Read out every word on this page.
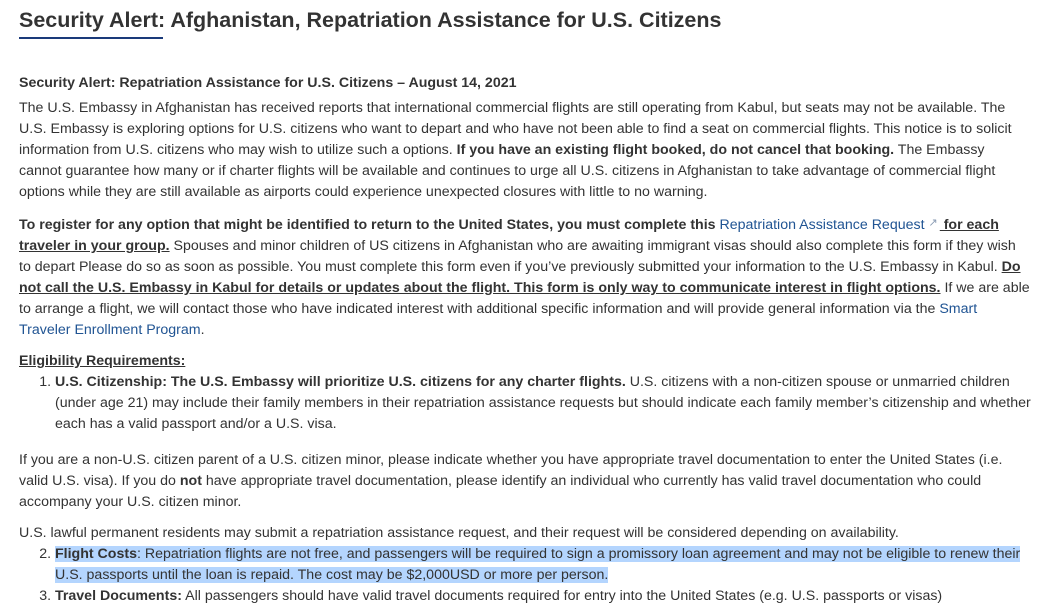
Security Alert: Afghanistan, Repatriation Assistance for U.S. Citizens
Security Alert: Repatriation Assistance for U.S. Citizens – August 14, 2021

The U.S. Embassy in Afghanistan has received reports that international commercial flights are still operating from Kabul, but seats may not be available. The U.S. Embassy is exploring options for U.S. citizens who want to depart and who have not been able to find a seat on commercial flights. This notice is to solicit information from U.S. citizens who may wish to utilize such a options. If you have an existing flight booked, do not cancel that booking. The Embassy cannot guarantee how many or if charter flights will be available and continues to urge all U.S. citizens in Afghanistan to take advantage of commercial flight options while they are still available as airports could experience unexpected closures with little to no warning.

To register for any option that might be identified to return to the United States, you must complete this Repatriation Assistance Request ↗ for each traveler in your group. Spouses and minor children of US citizens in Afghanistan who are awaiting immigrant visas should also complete this form if they wish to depart Please do so as soon as possible. You must complete this form even if you’ve previously submitted your information to the U.S. Embassy in Kabul. Do not call the U.S. Embassy in Kabul for details or updates about the flight. This form is only way to communicate interest in flight options. If we are able to arrange a flight, we will contact those who have indicated interest with additional specific information and will provide general information via the Smart Traveler Enrollment Program.

Eligibility Requirements:
1. U.S. Citizenship: The U.S. Embassy will prioritize U.S. citizens for any charter flights. U.S. citizens with a non-citizen spouse or unmarried children (under age 21) may include their family members in their repatriation assistance requests but should indicate each family member’s citizenship and whether each has a valid passport and/or a U.S. visa.

If you are a non-U.S. citizen parent of a U.S. citizen minor, please indicate whether you have appropriate travel documentation to enter the United States (i.e. valid U.S. visa). If you do not have appropriate travel documentation, please identify an individual who currently has valid travel documentation who could accompany your U.S. citizen minor.

U.S. lawful permanent residents may submit a repatriation assistance request, and their request will be considered depending on availability.
2. Flight Costs: Repatriation flights are not free, and passengers will be required to sign a promissory loan agreement and may not be eligible to renew their U.S. passports until the loan is repaid. The cost may be $2,000USD or more per person.
3. Travel Documents: All passengers should have valid travel documents required for entry into the United States (e.g. U.S. passports or visas)
